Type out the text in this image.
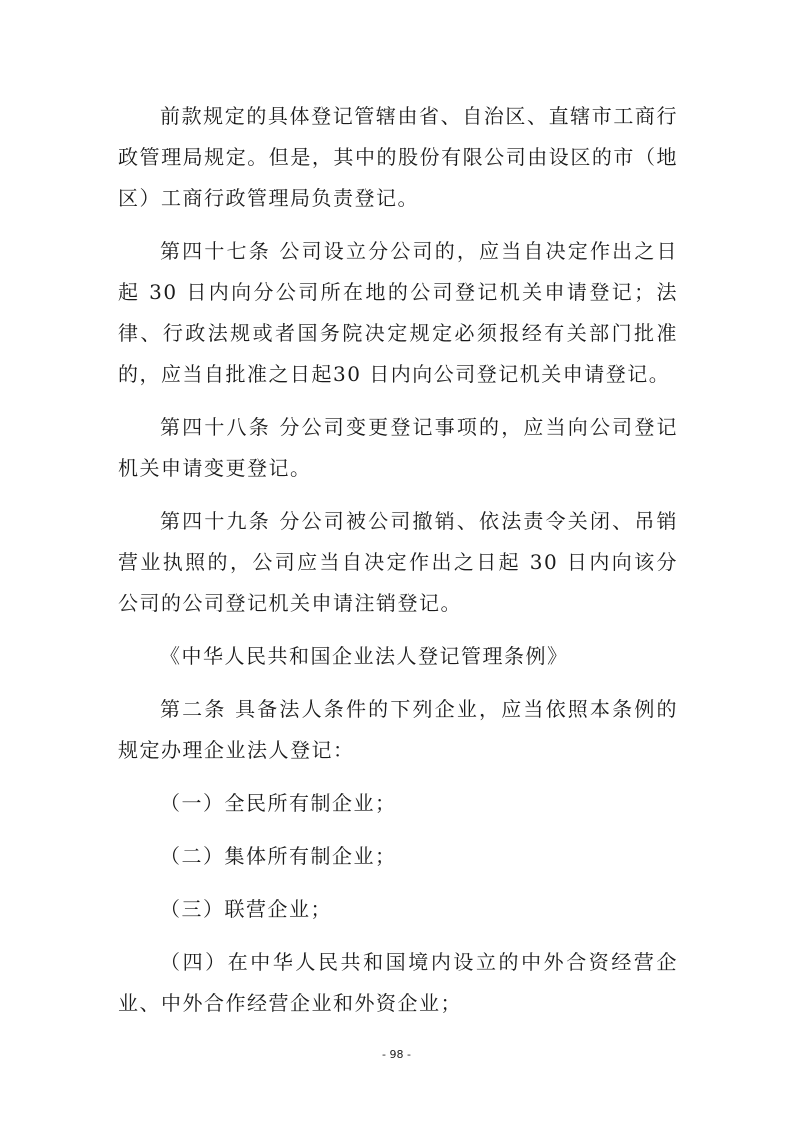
前款规定的具体登记管辖由省、自治区、直辖市工商行政管理局规定。但是，其中的股份有限公司由设区的市（地区）工商行政管理局负责登记。

第四十七条 公司设立分公司的，应当自决定作出之日起 30 日内向分公司所在地的公司登记机关申请登记；法律、行政法规或者国务院决定规定必须报经有关部门批准的，应当自批准之日起30 日内向公司登记机关申请登记。

第四十八条 分公司变更登记事项的，应当向公司登记机关申请变更登记。

第四十九条 分公司被公司撤销、依法责令关闭、吊销营业执照的，公司应当自决定作出之日起 30 日内向该分公司的公司登记机关申请注销登记。

《中华人民共和国企业法人登记管理条例》

第二条 具备法人条件的下列企业，应当依照本条例的规定办理企业法人登记：

（一）全民所有制企业；

（二）集体所有制企业；

（三）联营企业；

（四）在中华人民共和国境内设立的中外合资经营企业、中外合作经营企业和外资企业；

- 98 -
